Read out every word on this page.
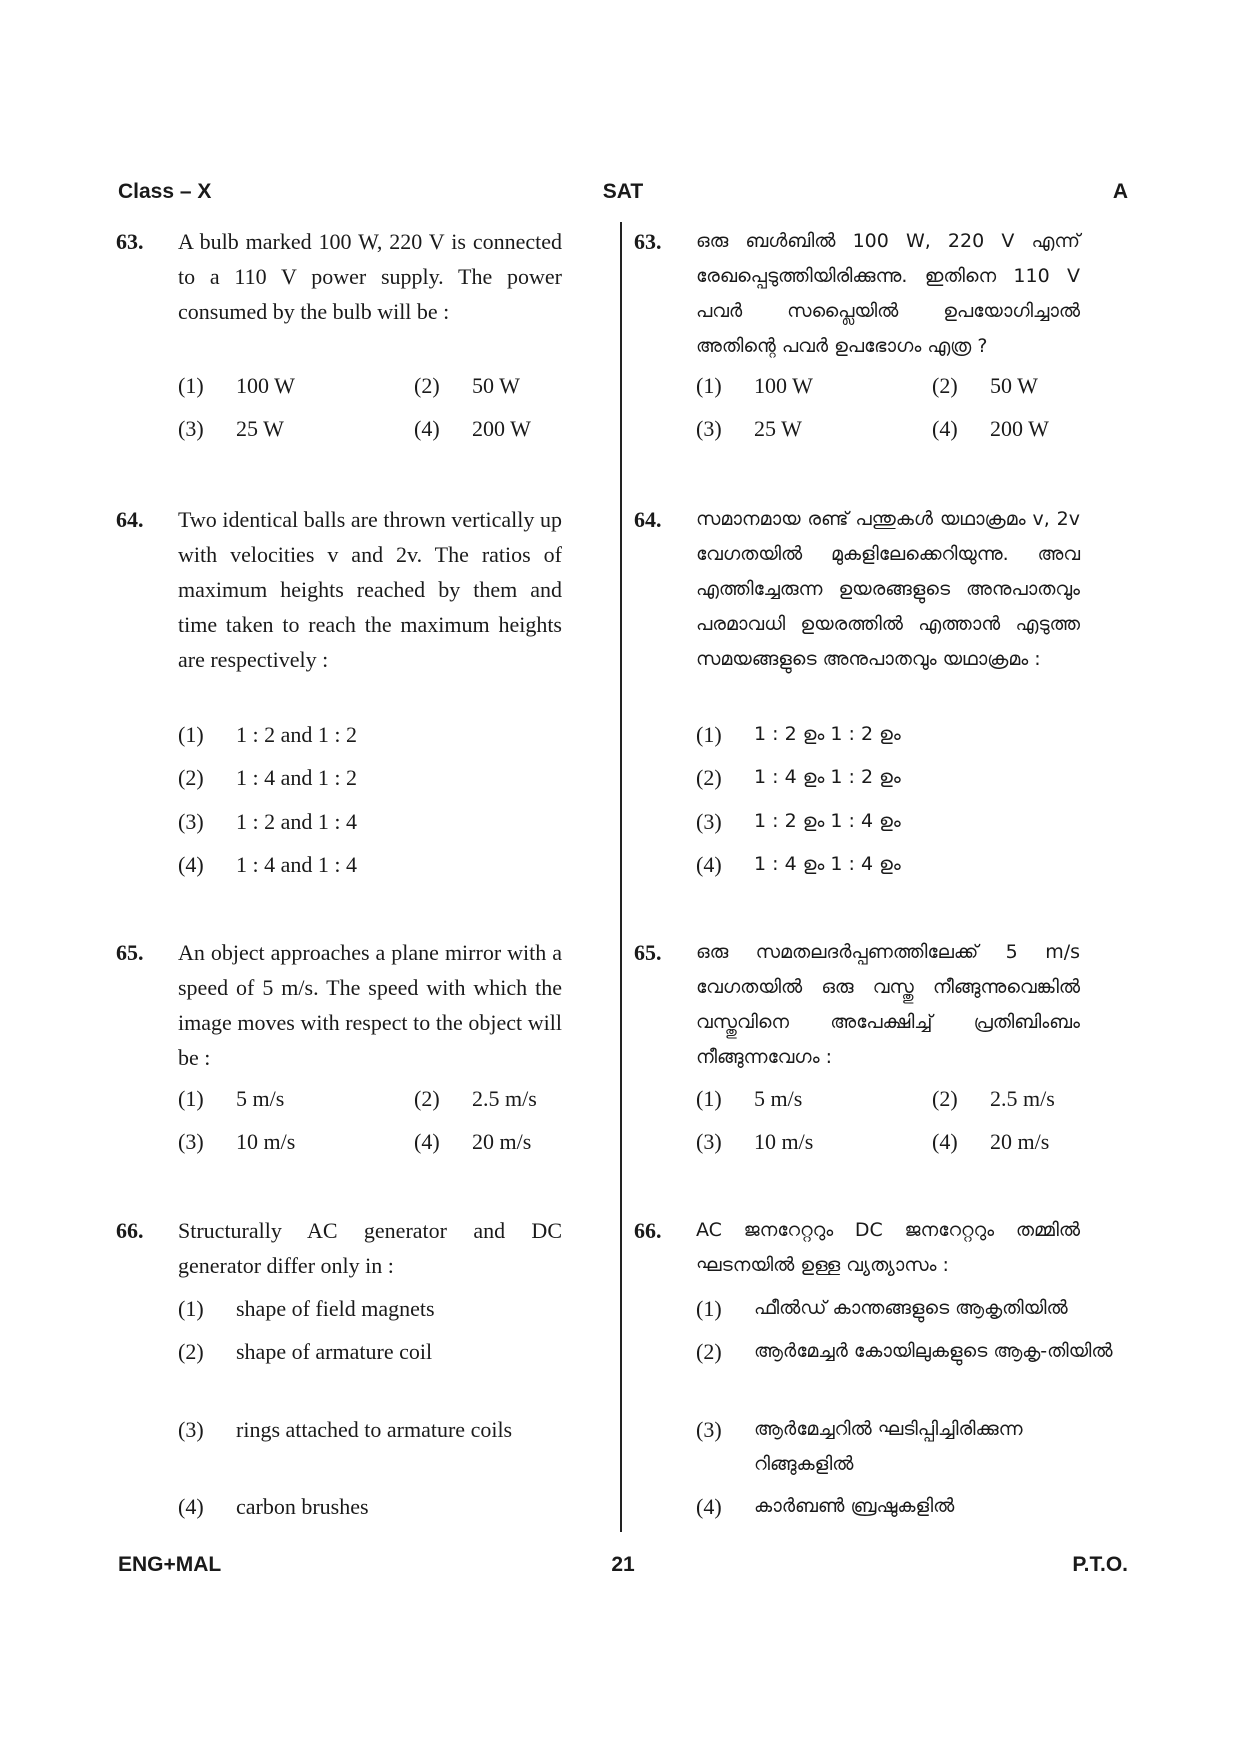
Class – X	SAT	A
63. A bulb marked 100 W, 220 V is connected to a 110 V power supply. The power consumed by the bulb will be :
(1) 100 W	(2) 50 W
(3) 25 W	(4) 200 W
64. Two identical balls are thrown vertically up with velocities v and 2v. The ratios of maximum heights reached by them and time taken to reach the maximum heights are respectively :
(1) 1 : 2 and 1 : 2
(2) 1 : 4 and 1 : 2
(3) 1 : 2 and 1 : 4
(4) 1 : 4 and 1 : 4
65. An object approaches a plane mirror with a speed of 5 m/s. The speed with which the image moves with respect to the object will be :
(1) 5 m/s	(2) 2.5 m/s
(3) 10 m/s	(4) 20 m/s
66. Structurally AC generator and DC generator differ only in :
(1) shape of field magnets
(2) shape of armature coil
(3) rings attached to armature coils
(4) carbon brushes
63. ഒരു ബൾബിൽ 100 W, 220 V എന്ന് രേഖപ്പെടുത്തിയിരിക്കുന്നു. ഇതിനെ 110 V പവർ സപ്ലൈയിൽ ഉപയോഗിച്ചാൽ അതിന്റെ പവർ ഉപഭോഗം എത്ര ?
(1) 100 W	(2) 50 W
(3) 25 W	(4) 200 W
64. സമാനമായ രണ്ട് പന്തുകൾ യഥാക്രമം v, 2v വേഗതയിൽ മുകളിലേക്കെറിയുന്നു. അവ എത്തിച്ചേരുന്ന ഉയരങ്ങളുടെ അനുപാതവും പരമാവധി ഉയരത്തിൽ എത്താൻ എടുത്ത സമയങ്ങളുടെ അനുപാതവും യഥാക്രമം :
(1) 1 : 2 ഉം 1 : 2 ഉം
(2) 1 : 4 ഉം 1 : 2 ഉം
(3) 1 : 2 ഉം 1 : 4 ഉം
(4) 1 : 4 ഉം 1 : 4 ഉം
65. ഒരു സമതലദർപ്പണത്തിലേക്ക് 5 m/s വേഗതയിൽ ഒരു വസ്തു നീങ്ങുന്നുവെങ്കിൽ വസ്തുവിനെ അപേക്ഷിച്ച് പ്രതിബിംബം നീങ്ങുന്നവേഗം :
(1) 5 m/s	(2) 2.5 m/s
(3) 10 m/s	(4) 20 m/s
66. AC ജനറേറ്ററും DC ജനറേറ്ററും തമ്മിൽ ഘടനയിൽ ഉള്ള വ്യത്യാസം :
(1) ഫീൽഡ് കാന്തങ്ങളുടെ ആകൃതിയിൽ
(2) ആർമേച്ചർ കോയിലുകളുടെ ആകൃ-തിയിൽ
(3) ആർമേച്ചറിൽ ഘടിപ്പിച്ചിരിക്കുന്ന റിങ്ങുകളിൽ
(4) കാർബൺ ബ്രഷുകളിൽ
ENG+MAL	21	P.T.O.
